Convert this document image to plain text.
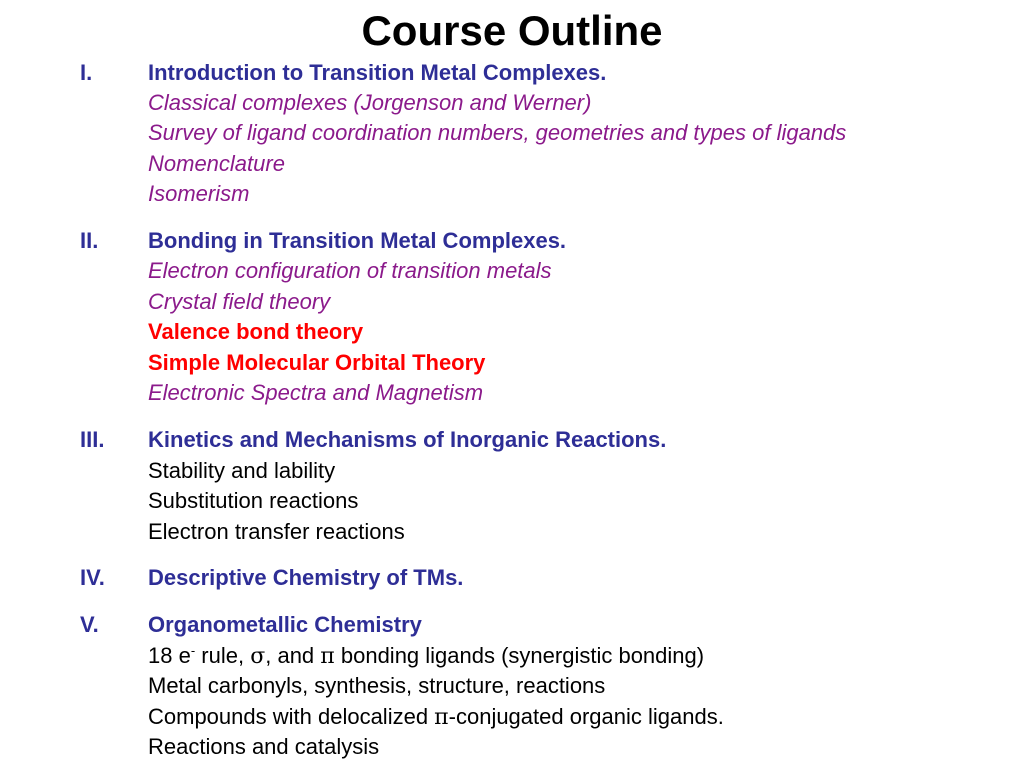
Course Outline
I.	Introduction to Transition Metal Complexes.
Classical complexes (Jorgenson and Werner)
Survey of ligand coordination numbers, geometries and types of ligands
Nomenclature
Isomerism
II. Bonding in Transition Metal Complexes.
Electron configuration of transition metals
Crystal field theory
Valence bond theory
Simple Molecular Orbital Theory
Electronic Spectra and Magnetism
III. Kinetics and Mechanisms of Inorganic Reactions.
Stability and lability
Substitution reactions
Electron transfer reactions
IV. Descriptive Chemistry of TMs.
V. Organometallic Chemistry
18 e- rule, σ, and π bonding ligands (synergistic bonding)
Metal carbonyls, synthesis, structure, reactions
Compounds with delocalized π-conjugated organic ligands.
Reactions and catalysis
